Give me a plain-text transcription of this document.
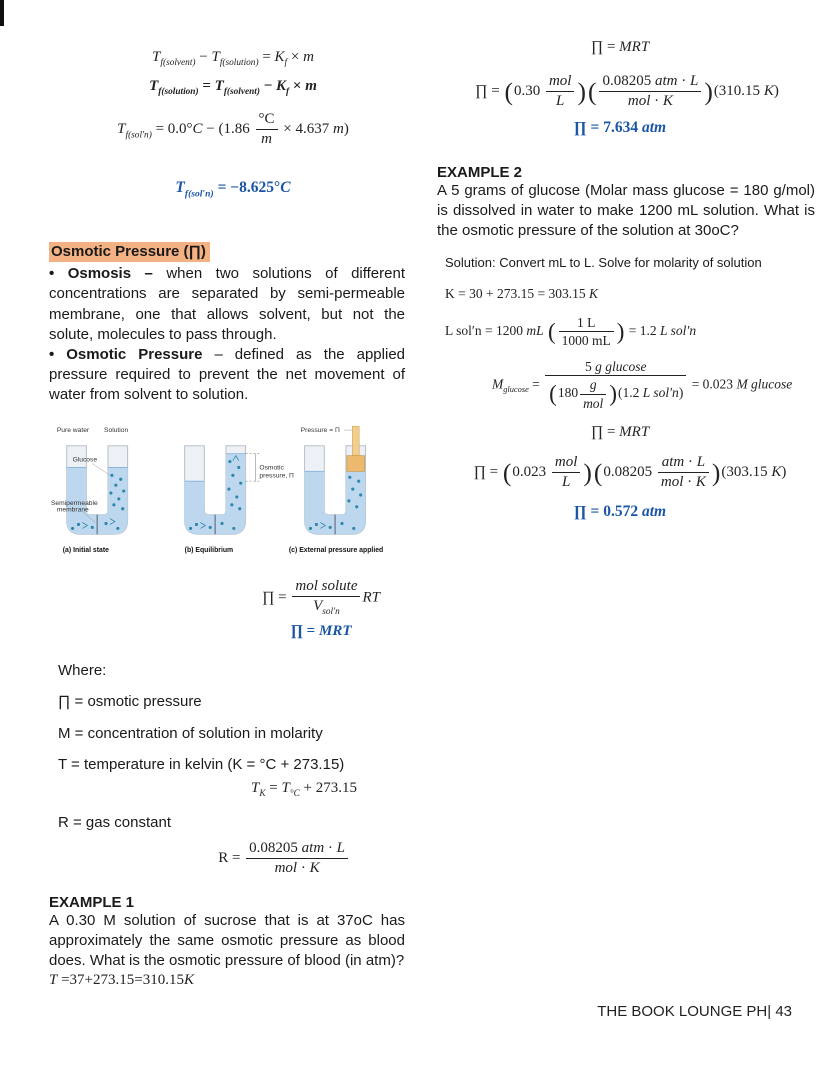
$T_{f(solvent)} - T_{f(solution)} = K_f \times m$
$T_{f(solution)} = T_{f(solvent)} - K_f \times m$
$T_{f(sol'n)} = 0.0^\circ C - (1.86 \frac{^\circ C}{m} \times 4.637$ m)
$T_{f(sol'n)} = -8.625^\circ C$
Osmotic Pressure (∏)

• Osmosis – when two solutions of different concentrations are separated by semi-permeable membrane, one that allows solvent, but not the solute, molecules to pass through.

• Osmotic Pressure – defined as the applied pressure required to prevent the net movement of water from solvent to solution.

Pure water Solution
Glucose
Semipermeable
membrane
(a) Initial state
Osmotic
pressure, Π
(b) Equilibrium
Pressure = Π
(c) External pressure applied
∏ = $\frac{\text{mol solute}}{V_{sol'n}}$ RT
∏ = MRT
Where:
∏ = osmotic pressure
M = concentration of solution in molarity
T = temperature in kelvin (K = °C + 273.15)
$T_K = T_{^\circ C} + 273.15$
R = gas constant
$R = \frac{\text{0.08205 atm · L}}{\text{mol · K}}$
EXAMPLE 1

A 0.30 M solution of sucrose that is at 37oC has approximately the same osmotic pressure as blood does. What is the osmotic pressure of blood (in atm)?

T =37+273.15=310.15K
∏ = MRT
∏ = ($0.30 \frac{\text{mol}}{L}$ )( $\frac{\text{0.08205 atm · L}}{\text{mol · K}} )(310.15$ K)
∏ = 7.634 atm
EXAMPLE 2

A 5 grams of glucose (Molar mass glucose = 180 g/mol) is dissolved in water to make 1200 mL solution. What is the osmotic pressure of the solution at 30oC?

Solution: Convert mL to L. Solve for molarity of solution
K = 30 + 273.15 = 303.15 K
L sol′n = 1200 mL ( $\frac{1 L}{1000 mL}$ ) = 1.2 L sol′n
$M_{glucose} = \frac{\text{5 g glucose}}{(180 \frac{g}{\text{mol}} )(1.2 L sol'n)} = 0.023$ M glucose
∏ = MRT
∏ = $(0.023 \frac{\text{mol}}{L} )(0.08205 \frac{\text{atm · L}}{\text{mol · K}} )(303.15$ K)
∏ = 0.572 atm
THE BOOK LOUNGE PH| 43
